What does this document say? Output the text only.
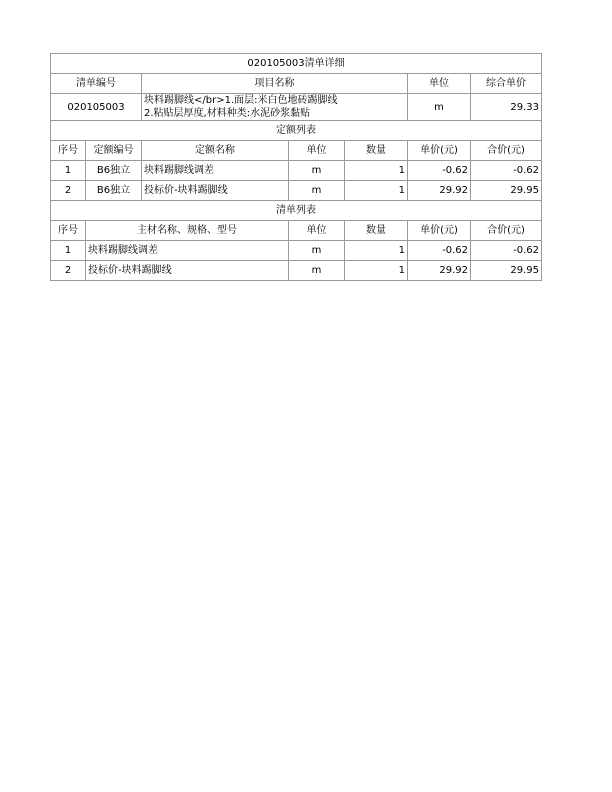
020105003清单详细						
清单编号		项目名称			单位	综合单价
020105003		块料踢脚线</br>1.面层:米白色地砖踢脚线
2.粘贴层厚度,材料种类:水泥砂浆黏贴			m	29.33
定额列表						
序号	定额编号	定额名称	单位	数量	单价(元)	合价(元)
1	B6独立	块料踢脚线调差	m	1	-0.62	-0.62
2	B6独立	投标价-块料踢脚线	m	1	29.92	29.95
清单列表						
序号	主材名称、规格、型号		单位	数量	单价(元)	合价(元)
1	块料踢脚线调差		m	1	-0.62	-0.62
2	投标价-块料踢脚线		m	1	29.92	29.95
